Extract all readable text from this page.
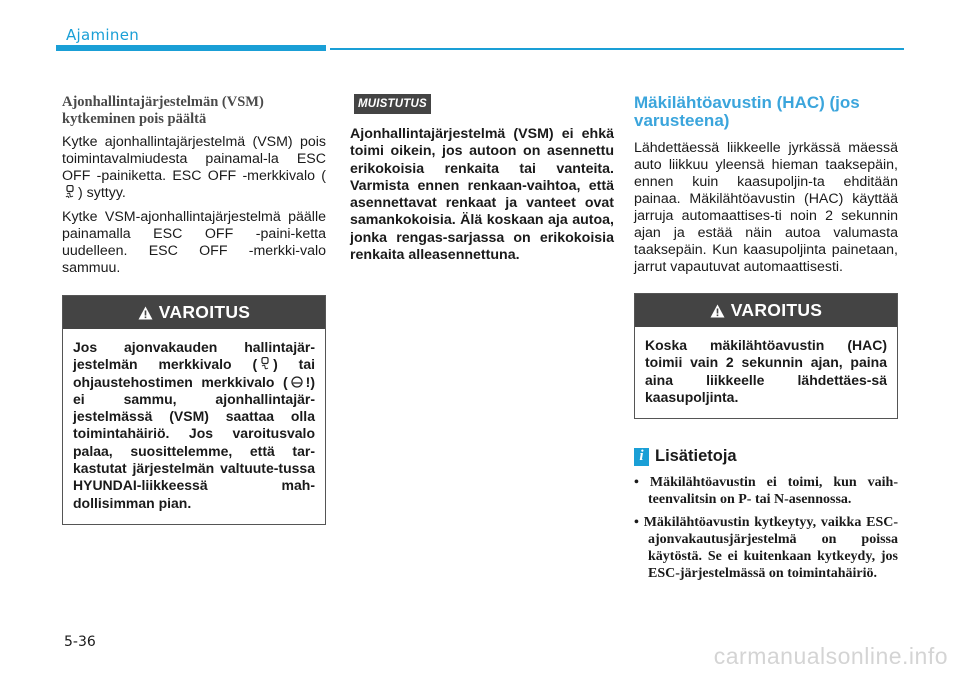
Ajaminen
Ajonhallintajärjestelmän (VSM) kytkeminen pois päältä

Kytke ajonhallintajärjestelmä (VSM) pois toimintavalmiudesta painamal-la ESC OFF -painiketta. ESC OFF -merkkivalo () syttyy.

Kytke VSM-ajonhallintajärjestelmä päälle painamalla ESC OFF -paini-ketta uudelleen. ESC OFF -merkki-valo sammuu.

VAROITUS
Jos ajonvakauden hallintajär-jestelmän merkkivalo ( ) tai ohjaustehostimen merkkivalo ( !) ei sammu, ajonhallintajär-jestelmässä (VSM) saattaa olla toimintahäiriö. Jos varoitusvalo palaa, suosittelemme, että tar-kastutat järjestelmän valtuute-tussa HYUNDAI-liikkeessä mah-dollisimman pian.
MUISTUTUS

Ajonhallintajärjestelmä (VSM) ei ehkä toimi oikein, jos autoon on asennettu erikokoisia renkaita tai vanteita. Varmista ennen renkaan-vaihtoa, että asennettavat renkaat ja vanteet ovat samankokoisia. Älä koskaan aja autoa, jonka rengas-sarjassa on erikokoisia renkaita alleasennettuna.

Mäkilähtöavustin (HAC) (jos varusteena)

Lähdettäessä liikkeelle jyrkässä mäessä auto liikkuu yleensä hieman taaksepäin, ennen kuin kaasupoljin-ta ehditään painaa. Mäkilähtöavustin (HAC) käyttää jarruja automaattises-ti noin 2 sekunnin ajan ja estää näin autoa valumasta taaksepäin. Kun kaasupoljinta painetaan, jarrut vapautuvat automaattisesti.

VAROITUS
Koska mäkilähtöavustin (HAC) toimii vain 2 sekunnin ajan, paina aina liikkeelle lähdettäes-sä kaasupoljinta.
i Lisätietoja
• Mäkilähtöavustin ei toimi, kun vaih-teenvalitsin on P- tai N-asennossa.
• Mäkilähtöavustin kytkeytyy, vaikka ESC-ajonvakautusjärjestelmä on poissa käytöstä. Se ei kuitenkaan kytkeydy, jos ESC-järjestelmässä on toimintahäiriö.
5-36
carmanualsonline.info
